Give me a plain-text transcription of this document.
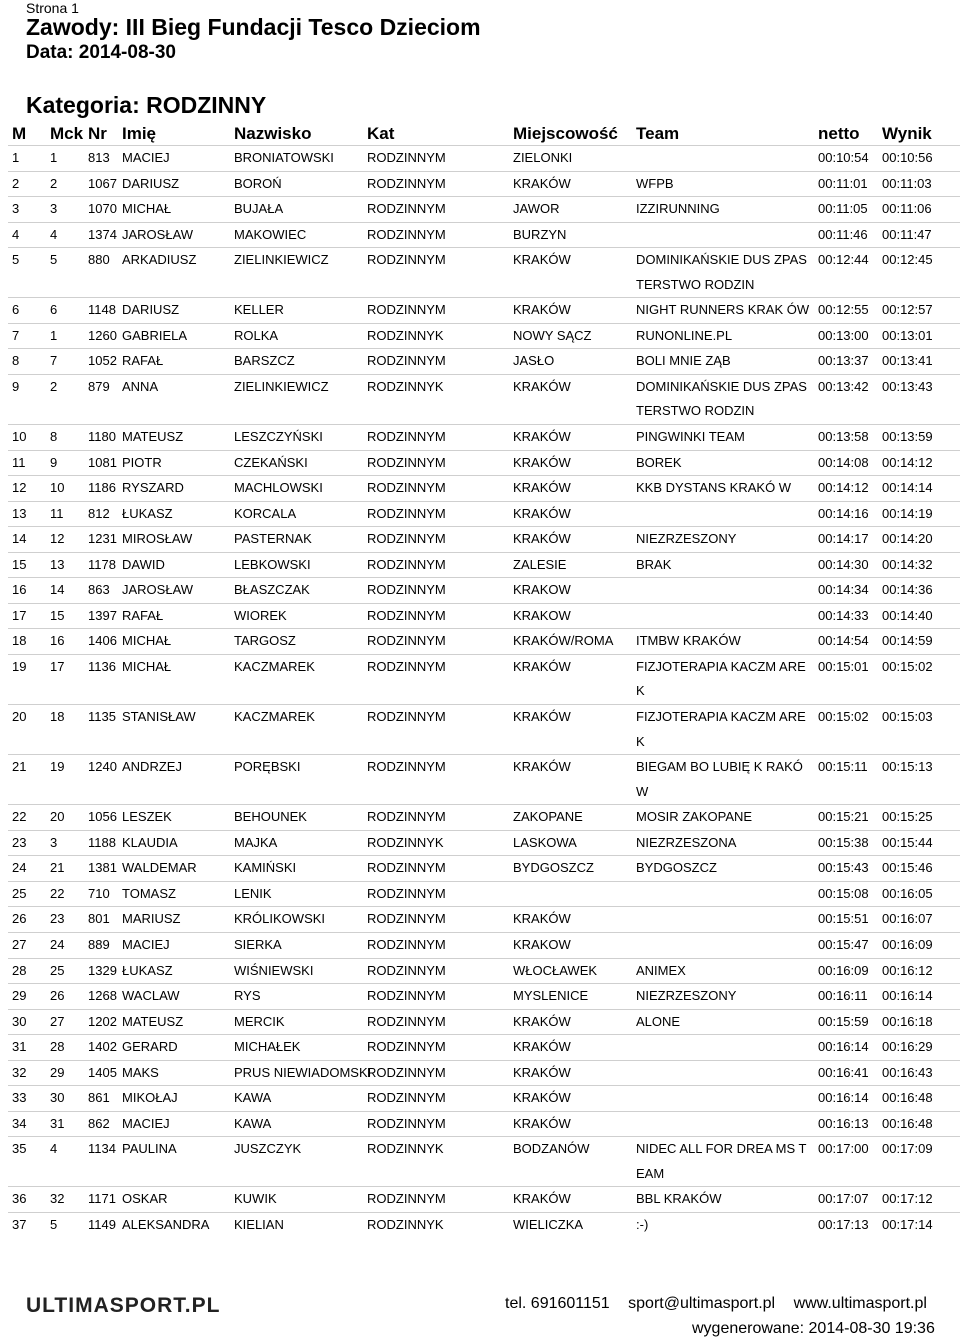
Strona 1
Zawody: III Bieg Fundacji Tesco Dzieciom
Data: 2014-08-30
Kategoria: RODZINNY
M	Mck	Nr	Imię	Nazwisko	Kat	Miejscowość	Team	netto	Wynik
1	1	813	MACIEJ	BRONIATOWSKI	RODZINNYM	ZIELONKI		00:10:54	00:10:56
2	2	1067	DARIUSZ	BOROŃ	RODZINNYM	KRAKÓW	WFPB	00:11:01	00:11:03
3	3	1070	MICHAŁ	BUJAŁA	RODZINNYM	JAWOR	IZZIRUNNING	00:11:05	00:11:06
4	4	1374	JAROSŁAW	MAKOWIEC	RODZINNYM	BURZYN		00:11:46	00:11:47
5	5	880	ARKADIUSZ	ZIELINKIEWICZ	RODZINNYM	KRAKÓW	DOMINIKAŃSKIE DUS ZPASTERSTWO RODZIN	00:12:44	00:12:45
6	6	1148	DARIUSZ	KELLER	RODZINNYM	KRAKÓW	NIGHT RUNNERS KRAK ÓW	00:12:55	00:12:57
7	1	1260	GABRIELA	ROLKA	RODZINNYK	NOWY SĄCZ	RUNONLINE.PL	00:13:00	00:13:01
8	7	1052	RAFAŁ	BARSZCZ	RODZINNYM	JASŁO	BOLI MNIE ZĄB	00:13:37	00:13:41
9	2	879	ANNA	ZIELINKIEWICZ	RODZINNYK	KRAKÓW	DOMINIKAŃSKIE DUS ZPASTERSTWO RODZIN	00:13:42	00:13:43
10	8	1180	MATEUSZ	LESZCZYŃSKI	RODZINNYM	KRAKÓW	PINGWINKI TEAM	00:13:58	00:13:59
11	9	1081	PIOTR	CZEKAŃSKI	RODZINNYM	KRAKÓW	BOREK	00:14:08	00:14:12
12	10	1186	RYSZARD	MACHLOWSKI	RODZINNYM	KRAKÓW	KKB DYSTANS KRAKÓ W	00:14:12	00:14:14
13	11	812	ŁUKASZ	KORCALA	RODZINNYM	KRAKÓW		00:14:16	00:14:19
14	12	1231	MIROSŁAW	PASTERNAK	RODZINNYM	KRAKÓW	NIEZRZESZONY	00:14:17	00:14:20
15	13	1178	DAWID	LEBKOWSKI	RODZINNYM	ZALESIE	BRAK	00:14:30	00:14:32
16	14	863	JAROSŁAW	BŁASZCZAK	RODZINNYM	KRAKOW		00:14:34	00:14:36
17	15	1397	RAFAŁ	WIOREK	RODZINNYM	KRAKOW		00:14:33	00:14:40
18	16	1406	MICHAŁ	TARGOSZ	RODZINNYM	KRAKÓW/ROMA	ITMBW KRAKÓW	00:14:54	00:14:59
19	17	1136	MICHAŁ	KACZMAREK	RODZINNYM	KRAKÓW	FIZJOTERAPIA KACZM AREK	00:15:01	00:15:02
20	18	1135	STANISŁAW	KACZMAREK	RODZINNYM	KRAKÓW	FIZJOTERAPIA KACZM AREK	00:15:02	00:15:03
21	19	1240	ANDRZEJ	PORĘBSKI	RODZINNYM	KRAKÓW	BIEGAM BO LUBIĘ K RAKÓW	00:15:11	00:15:13
22	20	1056	LESZEK	BEHOUNEK	RODZINNYM	ZAKOPANE	MOSIR ZAKOPANE	00:15:21	00:15:25
23	3	1188	KLAUDIA	MAJKA	RODZINNYK	LASKOWA	NIEZRZESZONA	00:15:38	00:15:44
24	21	1381	WALDEMAR	KAMIŃSKI	RODZINNYM	BYDGOSZCZ	BYDGOSZCZ	00:15:43	00:15:46
25	22	710	TOMASZ	LENIK	RODZINNYM			00:15:08	00:16:05
26	23	801	MARIUSZ	KRÓLIKOWSKI	RODZINNYM	KRAKÓW		00:15:51	00:16:07
27	24	889	MACIEJ	SIERKA	RODZINNYM	KRAKOW		00:15:47	00:16:09
28	25	1329	ŁUKASZ	WIŚNIEWSKI	RODZINNYM	WŁOCŁAWEK	ANIMEX	00:16:09	00:16:12
29	26	1268	WACLAW	RYS	RODZINNYM	MYSLENICE	NIEZRZESZONY	00:16:11	00:16:14
30	27	1202	MATEUSZ	MERCIK	RODZINNYM	KRAKÓW	ALONE	00:15:59	00:16:18
31	28	1402	GERARD	MICHAŁEK	RODZINNYM	KRAKÓW		00:16:14	00:16:29
32	29	1405	MAKS	PRUS NIEWIADOMSKI	RODZINNYM	KRAKÓW		00:16:41	00:16:43
33	30	861	MIKOŁAJ	KAWA	RODZINNYM	KRAKÓW		00:16:14	00:16:48
34	31	862	MACIEJ	KAWA	RODZINNYM	KRAKÓW		00:16:13	00:16:48
35	4	1134	PAULINA	JUSZCZYK	RODZINNYK	BODZANÓW	NIDEC ALL FOR DREA MS TEAM	00:17:00	00:17:09
36	32	1171	OSKAR	KUWIK	RODZINNYM	KRAKÓW	BBL KRAKÓW	00:17:07	00:17:12
37	5	1149	ALEKSANDRA	KIELIAN	RODZINNYK	WIELICZKA	:-)	00:17:13	00:17:14
ULTIMASPORT.PL	tel. 691601151 sport@ultimasport.pl www.ultimasport.pl
wygenerowane: 2014-08-30 19:36
